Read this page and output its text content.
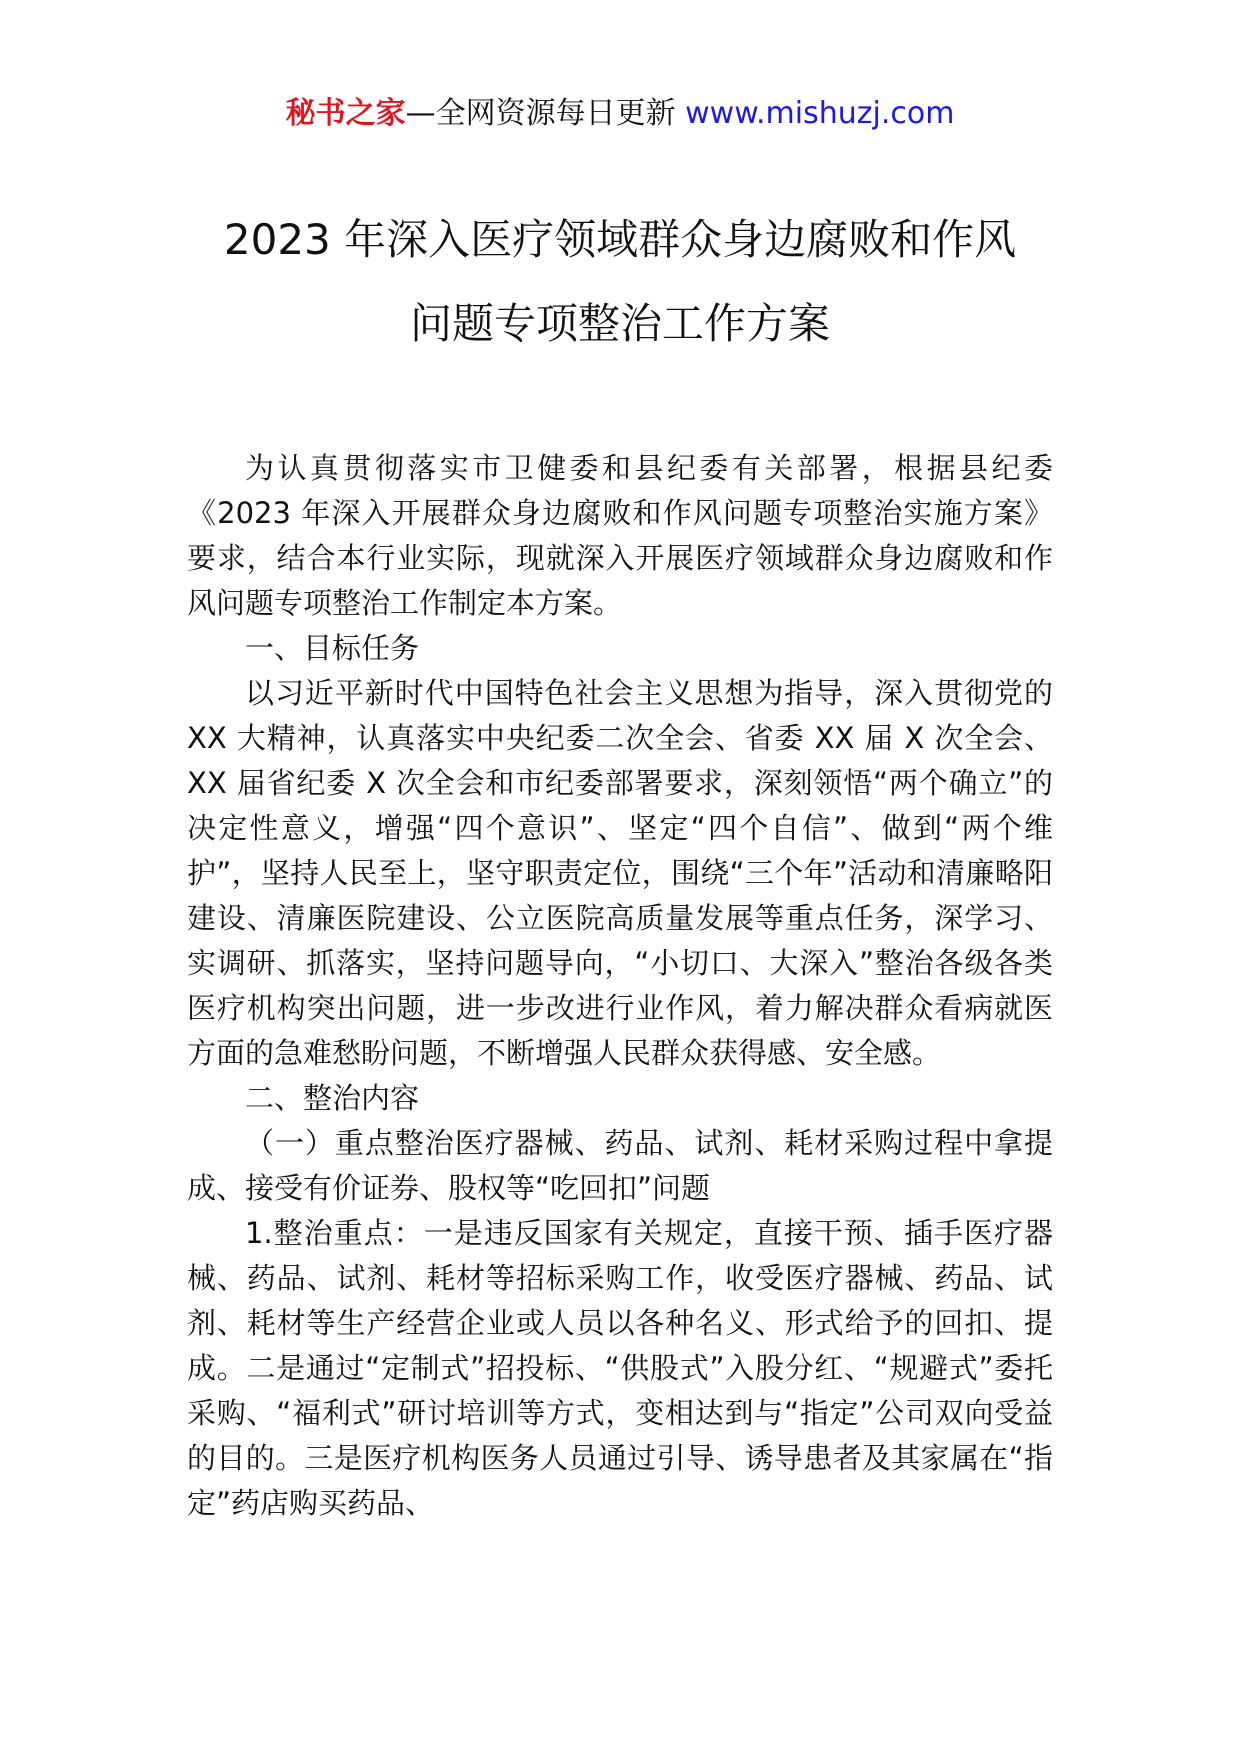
秘书之家—全网资源每日更新 www.mishuzj.com
2023 年深入医疗领域群众身边腐败和作风
问题专项整治工作方案

为认真贯彻落实市卫健委和县纪委有关部署，根据县纪委《2023 年深入开展群众身边腐败和作风问题专项整治实施方案》要求，结合本行业实际，现就深入开展医疗领域群众身边腐败和作风问题专项整治工作制定本方案。

一、目标任务

以习近平新时代中国特色社会主义思想为指导，深入贯彻党的 XX 大精神，认真落实中央纪委二次全会、省委 XX 届 X 次全会、XX 届省纪委 X 次全会和市纪委部署要求，深刻领悟“两个确立”的决定性意义，增强“四个意识”、坚定“四个自信”、做到“两个维护”，坚持人民至上，坚守职责定位，围绕“三个年”活动和清廉略阳建设、清廉医院建设、公立医院高质量发展等重点任务，深学习、实调研、抓落实，坚持问题导向，“小切口、大深入”整治各级各类医疗机构突出问题，进一步改进行业作风，着力解决群众看病就医方面的急难愁盼问题，不断增强人民群众获得感、安全感。

二、整治内容

（一）重点整治医疗器械、药品、试剂、耗材采购过程中拿提成、接受有价证券、股权等“吃回扣”问题

1.整治重点：一是违反国家有关规定，直接干预、插手医疗器械、药品、试剂、耗材等招标采购工作，收受医疗器械、药品、试剂、耗材等生产经营企业或人员以各种名义、形式给予的回扣、提成。二是通过“定制式”招投标、“供股式”入股分红、“规避式”委托采购、“福利式”研讨培训等方式，变相达到与“指定”公司双向受益的目的。三是医疗机构医务人员通过引导、诱导患者及其家属在“指定”药店购买药品、
